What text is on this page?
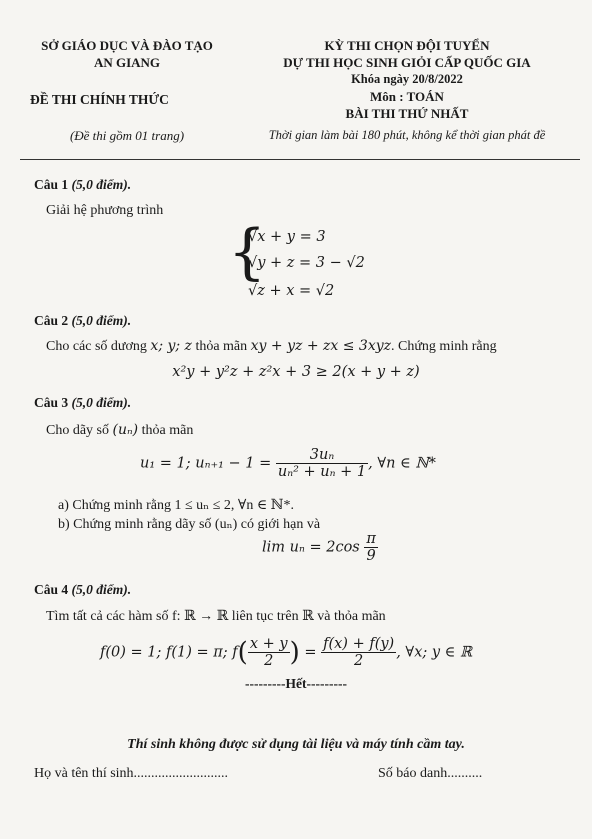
SỞ GIÁO DỤC VÀ ĐÀO TẠO
AN GIANG
ĐỀ THI CHÍNH THỨC
(Đề thi gồm 01 trang)
KỲ THI CHỌN ĐỘI TUYỂN
DỰ THI HỌC SINH GIỎI CẤP QUỐC GIA
Khóa ngày 20/8/2022
Môn : TOÁN
BÀI THI THỨ NHẤT
Thời gian làm bài 180 phút, không kể thời gian phát đề
Câu 1 (5,0 điểm).
Giải hệ phương trình
{
√x + y = 3
√y + z = 3 − √2
√z + x = √2
Câu 2 (5,0 điểm).
Cho các số dương x; y; z thỏa mãn xy + yz + zx ≤ 3xyz. Chứng minh rằng
x²y + y²z + z²x + 3 ≥ 2(x + y + z)
Câu 3 (5,0 điểm).
Cho dãy số (uₙ) thỏa mãn
u₁ = 1; $u_{n+1} - 1 = \frac{\text{3uₙ}}{\text{uₙ² + uₙ + 1}}$ , ∀n ∈ ℕ*
a) Chứng minh rằng 1 ≤ uₙ ≤ 2, ∀n ∈ ℕ*.
b) Chứng minh rằng dãy số (uₙ) có giới hạn và
$\lim u_n = 2\cos \frac{\pi}{9}$
Câu 4 (5,0 điểm).
Tìm tất cả các hàm số f: ℝ → ℝ liên tục trên ℝ và thỏa mãn
f(0) = 1; f(1) = π; $f( \frac{x + y}{2}$ ) = $\frac{f(x) + f(y)}{2}$ , ∀x; y ∈ ℝ
---------Hết---------
Thí sinh không được sử dụng tài liệu và máy tính cầm tay.
Họ và tên thí sinh...........................	Số báo danh..........
